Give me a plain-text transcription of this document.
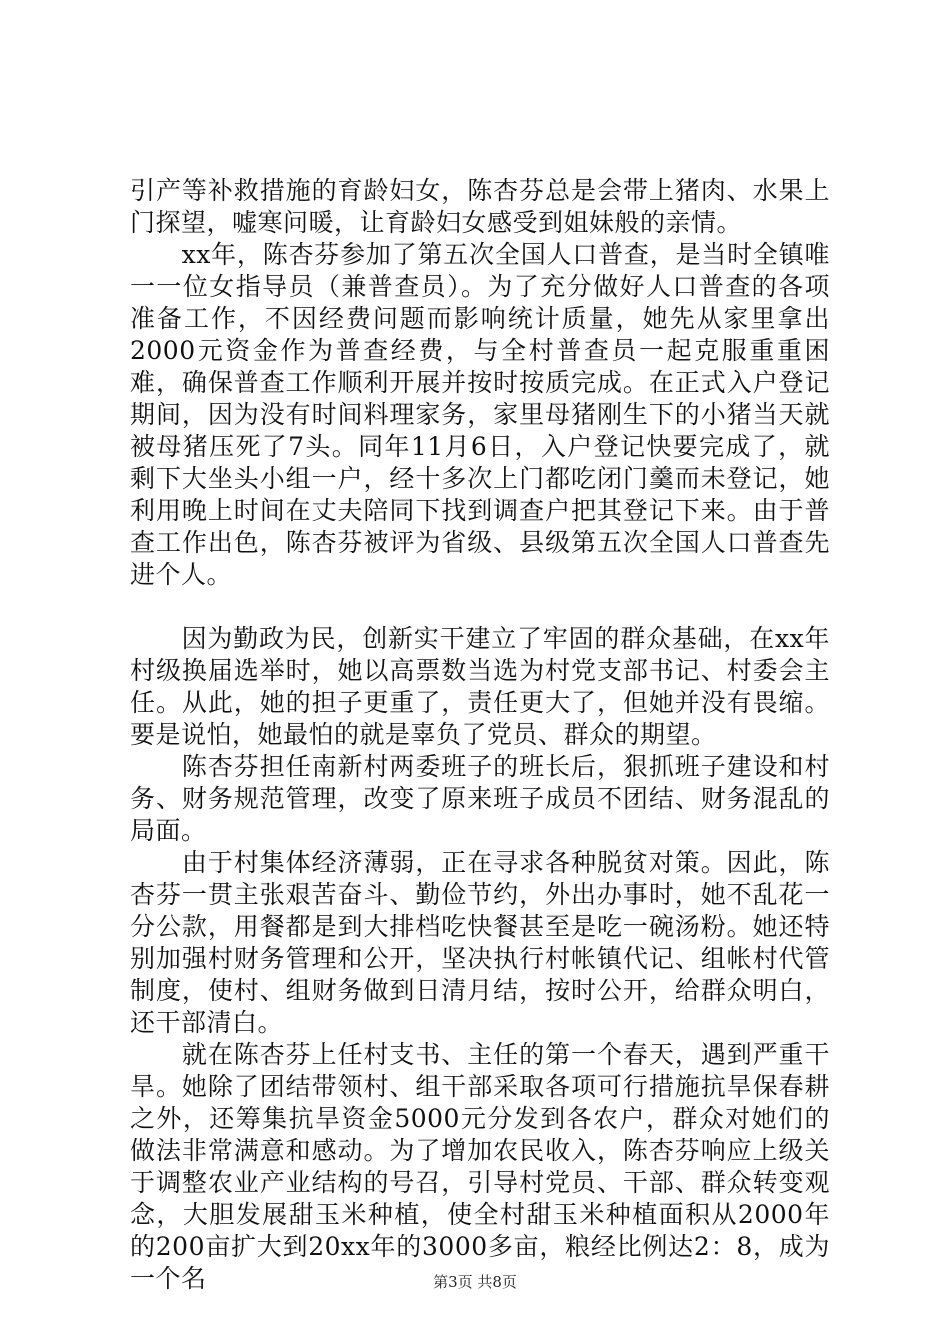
引产等补救措施的育龄妇女，陈杏芬总是会带上猪肉、水果上门探望，嘘寒问暖，让育龄妇女感受到姐妹般的亲情。

　　xx年，陈杏芬参加了第五次全国人口普查，是当时全镇唯一一位女指导员（兼普查员）。为了充分做好人口普查的各项准备工作，不因经费问题而影响统计质量，她先从家里拿出2000元资金作为普查经费，与全村普查员一起克服重重困难，确保普查工作顺利开展并按时按质完成。在正式入户登记期间，因为没有时间料理家务，家里母猪刚生下的小猪当天就被母猪压死了7头。同年11月6日，入户登记快要完成了，就剩下大坐头小组一户，经十多次上门都吃闭门羹而未登记，她利用晚上时间在丈夫陪同下找到调查户把其登记下来。由于普查工作出色，陈杏芬被评为省级、县级第五次全国人口普查先进个人。

　　因为勤政为民，创新实干建立了牢固的群众基础，在xx年村级换届选举时，她以高票数当选为村党支部书记、村委会主任。从此，她的担子更重了，责任更大了，但她并没有畏缩。要是说怕，她最怕的就是辜负了党员、群众的期望。

　　陈杏芬担任南新村两委班子的班长后，狠抓班子建设和村务、财务规范管理，改变了原来班子成员不团结、财务混乱的局面。

　　由于村集体经济薄弱，正在寻求各种脱贫对策。因此，陈杏芬一贯主张艰苦奋斗、勤俭节约，外出办事时，她不乱花一分公款，用餐都是到大排档吃快餐甚至是吃一碗汤粉。她还特别加强村财务管理和公开，坚决执行村帐镇代记、组帐村代管制度，使村、组财务做到日清月结，按时公开，给群众明白，还干部清白。

　　就在陈杏芬上任村支书、主任的第一个春天，遇到严重干旱。她除了团结带领村、组干部采取各项可行措施抗旱保春耕之外，还筹集抗旱资金5000元分发到各农户，群众对她们的做法非常满意和感动。为了增加农民收入，陈杏芬响应上级关于调整农业产业结构的号召，引导村党员、干部、群众转变观念，大胆发展甜玉米种植，使全村甜玉米种植面积从2000年的200亩扩大到20xx年的3000多亩，粮经比例达2：8，成为一个名	第3页 共8页
